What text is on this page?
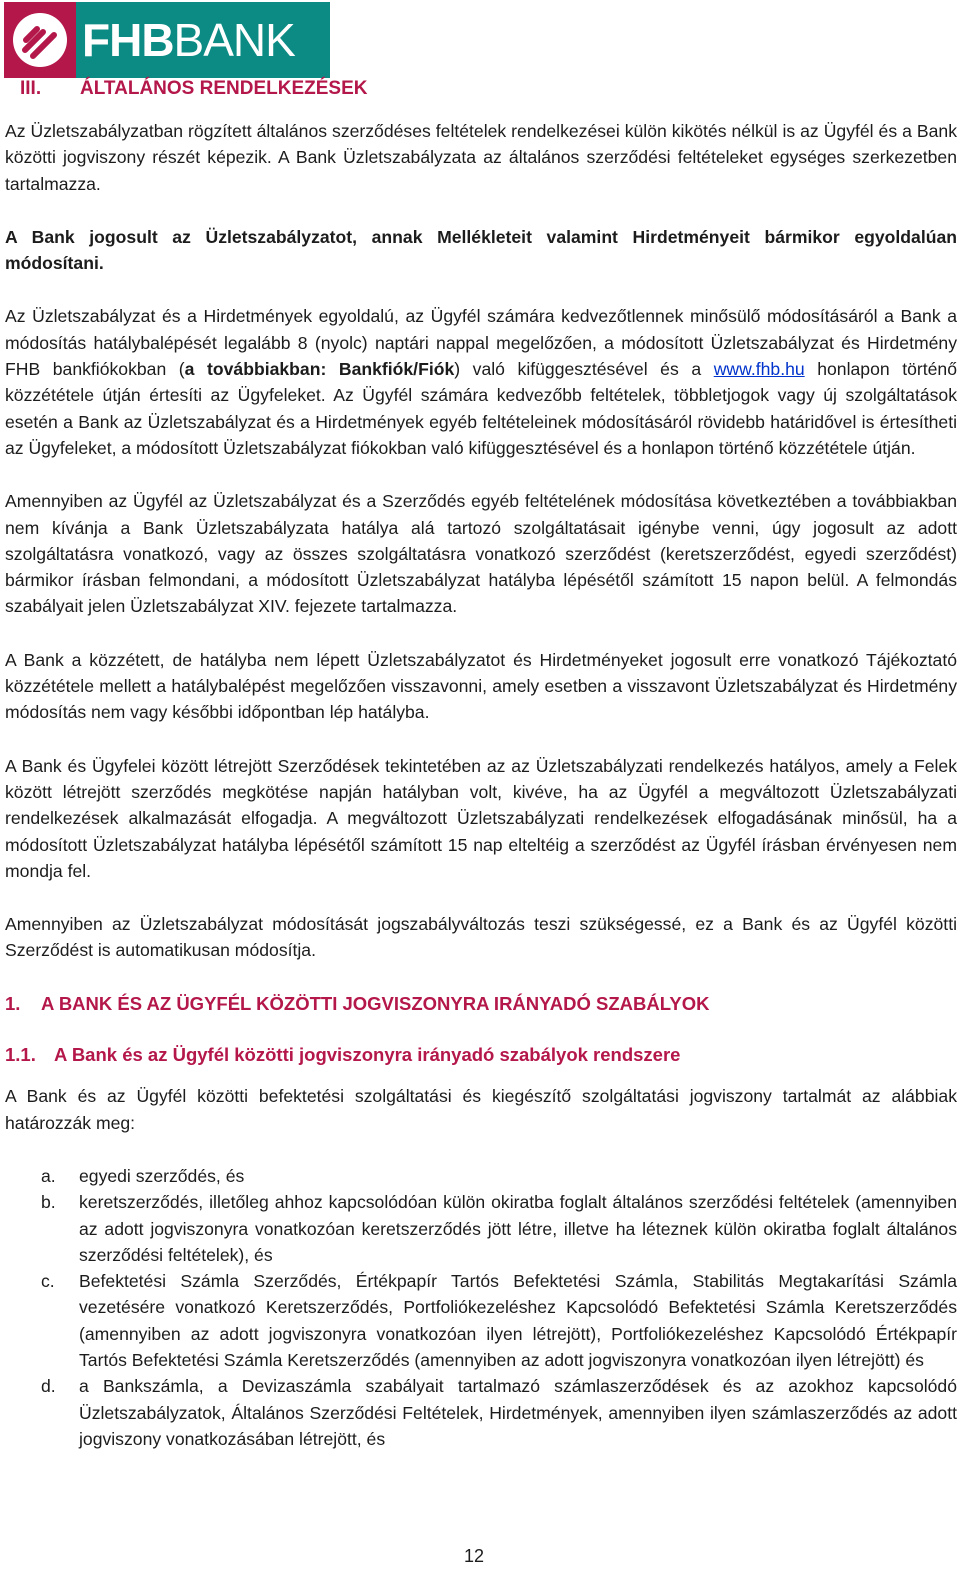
FHBBANK
III. ÁLTALÁNOS RENDELKEZÉSEK

Az Üzletszabályzatban rögzített általános szerződéses feltételek rendelkezései külön kikötés nélkül is az Ügyfél és a Bank közötti jogviszony részét képezik. A Bank Üzletszabályzata az általános szerződési feltételeket egységes szerkezetben tartalmazza.

A Bank jogosult az Üzletszabályzatot, annak Mellékleteit valamint Hirdetményeit bármikor egyoldalúan módosítani.

Az Üzletszabályzat és a Hirdetmények egyoldalú, az Ügyfél számára kedvezőtlennek minősülő módosításáról a Bank a módosítás hatálybalépését legalább 8 (nyolc) naptári nappal megelőzően, a módosított Üzletszabályzat és Hirdetmény FHB bankfiókokban (a továbbiakban: Bankfiók/Fiók) való kifüggesztésével és a www.fhb.hu honlapon történő közzététele útján értesíti az Ügyfeleket. Az Ügyfél számára kedvezőbb feltételek, többletjogok vagy új szolgáltatások esetén a Bank az Üzletszabályzat és a Hirdetmények egyéb feltételeinek módosításáról rövidebb határidővel is értesítheti az Ügyfeleket, a módosított Üzletszabályzat fiókokban való kifüggesztésével és a honlapon történő közzététele útján.

Amennyiben az Ügyfél az Üzletszabályzat és a Szerződés egyéb feltételének módosítása következtében a továbbiakban nem kívánja a Bank Üzletszabályzata hatálya alá tartozó szolgáltatásait igénybe venni, úgy jogosult az adott szolgáltatásra vonatkozó, vagy az összes szolgáltatásra vonatkozó szerződést (keretszerződést, egyedi szerződést) bármikor írásban felmondani, a módosított Üzletszabályzat hatályba lépésétől számított 15 napon belül. A felmondás szabályait jelen Üzletszabályzat XIV. fejezete tartalmazza.

A Bank a közzétett, de hatályba nem lépett Üzletszabályzatot és Hirdetményeket jogosult erre vonatkozó Tájékoztató közzététele mellett a hatálybalépést megelőzően visszavonni, amely esetben a visszavont Üzletszabályzat és Hirdetmény módosítás nem vagy későbbi időpontban lép hatályba.

A Bank és Ügyfelei között létrejött Szerződések tekintetében az az Üzletszabályzati rendelkezés hatályos, amely a Felek között létrejött szerződés megkötése napján hatályban volt, kivéve, ha az Ügyfél a megváltozott Üzletszabályzati rendelkezések alkalmazását elfogadja. A megváltozott Üzletszabályzati rendelkezések elfogadásának minősül, ha a módosított Üzletszabályzat hatályba lépésétől számított 15 nap elteltéig a szerződést az Ügyfél írásban érvényesen nem mondja fel.

Amennyiben az Üzletszabályzat módosítását jogszabályváltozás teszi szükségessé, ez a Bank és az Ügyfél közötti Szerződést is automatikusan módosítja.

1. A BANK ÉS AZ ÜGYFÉL KÖZÖTTI JOGVISZONYRA IRÁNYADÓ SZABÁLYOK
1.1. A Bank és az Ügyfél közötti jogviszonyra irányadó szabályok rendszere

A Bank és az Ügyfél közötti befektetési szolgáltatási és kiegészítő szolgáltatási jogviszony tartalmát az alábbiak határozzák meg:

a.	egyedi szerződés, és
b.	keretszerződés, illetőleg ahhoz kapcsolódóan külön okiratba foglalt általános szerződési feltételek (amennyiben az adott jogviszonyra vonatkozóan keretszerződés jött létre, illetve ha léteznek külön okiratba foglalt általános szerződési feltételek), és
c.	Befektetési Számla Szerződés, Értékpapír Tartós Befektetési Számla, Stabilitás Megtakarítási Számla vezetésére vonatkozó Keretszerződés, Portfoliókezeléshez Kapcsolódó Befektetési Számla Keretszerződés (amennyiben az adott jogviszonyra vonatkozóan ilyen létrejött), Portfoliókezeléshez Kapcsolódó Értékpapír Tartós Befektetési Számla Keretszerződés (amennyiben az adott jogviszonyra vonatkozóan ilyen létrejött) és
d.	a Bankszámla, a Devizaszámla szabályait tartalmazó számlaszerződések és az azokhoz kapcsolódó Üzletszabályzatok, Általános Szerződési Feltételek, Hirdetmények, amennyiben ilyen számlaszerződés az adott jogviszony vonatkozásában létrejött, és
12
